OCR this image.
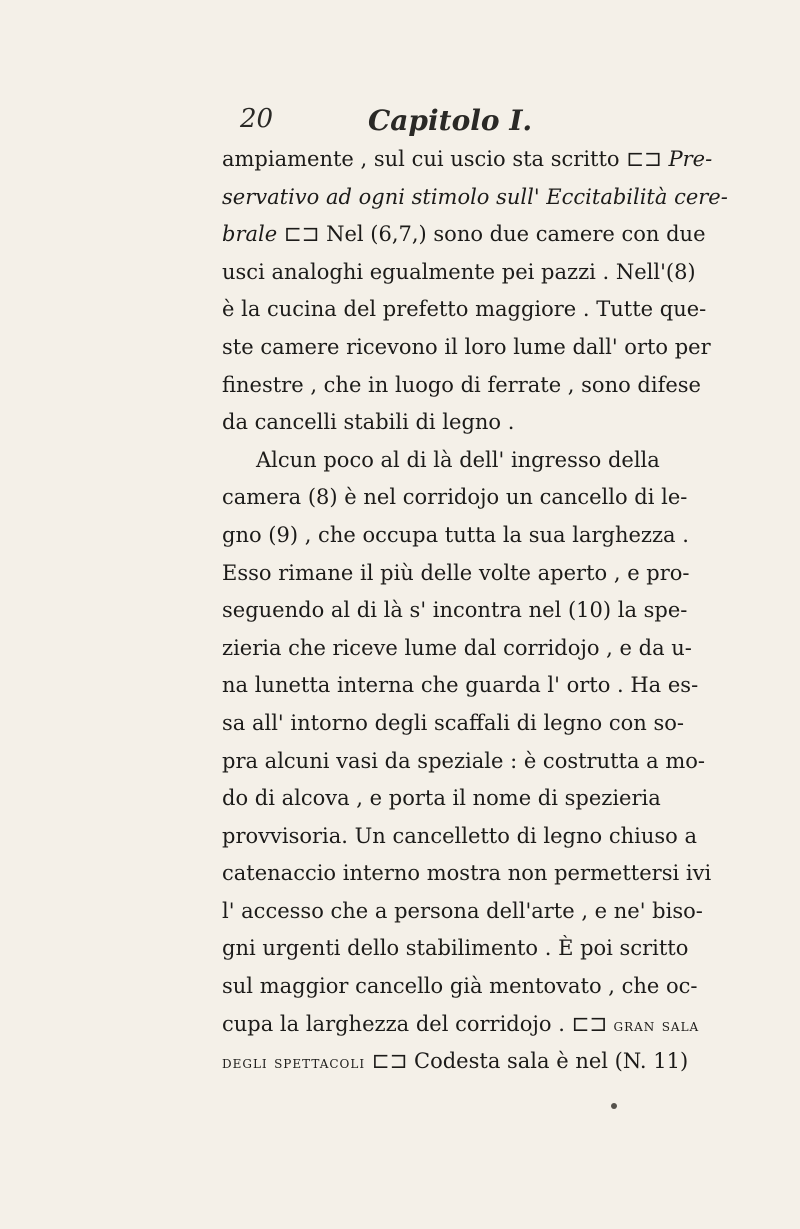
20	Capitolo I.
ampiamente , sul cui uscio sta scritto ⊏⊐ Pre-
servativo ad ogni stimolo sull' Eccitabilità cere-
brale ⊏⊐ Nel (6,7,) sono due camere con due
usci analoghi egualmente pei pazzi . Nell'(8)
è la cucina del prefetto maggiore . Tutte que-
ste camere ricevono il loro lume dall' orto per
finestre , che in luogo di ferrate , sono difese
da cancelli stabili di legno .
Alcun poco al di là dell' ingresso della
camera (8) è nel corridojo un cancello di le-
gno (9) , che occupa tutta la sua larghezza .
Esso rimane il più delle volte aperto , e pro-
seguendo al di là s' incontra nel (10) la spe-
zieria che riceve lume dal corridojo , e da u-
na lunetta interna che guarda l' orto . Ha es-
sa all' intorno degli scaffali di legno con so-
pra alcuni vasi da speziale : è costrutta a mo-
do di alcova , e porta il nome di spezieria
provvisoria. Un cancelletto di legno chiuso a
catenaccio interno mostra non permettersi ivi
l' accesso che a persona dell'arte , e ne' biso-
gni urgenti dello stabilimento . È poi scritto
sul maggior cancello già mentovato , che oc-
cupa la larghezza del corridojo . ⊏⊐ gran sala
degli spettacoli ⊏⊐ Codesta sala è nel (N. 11)
